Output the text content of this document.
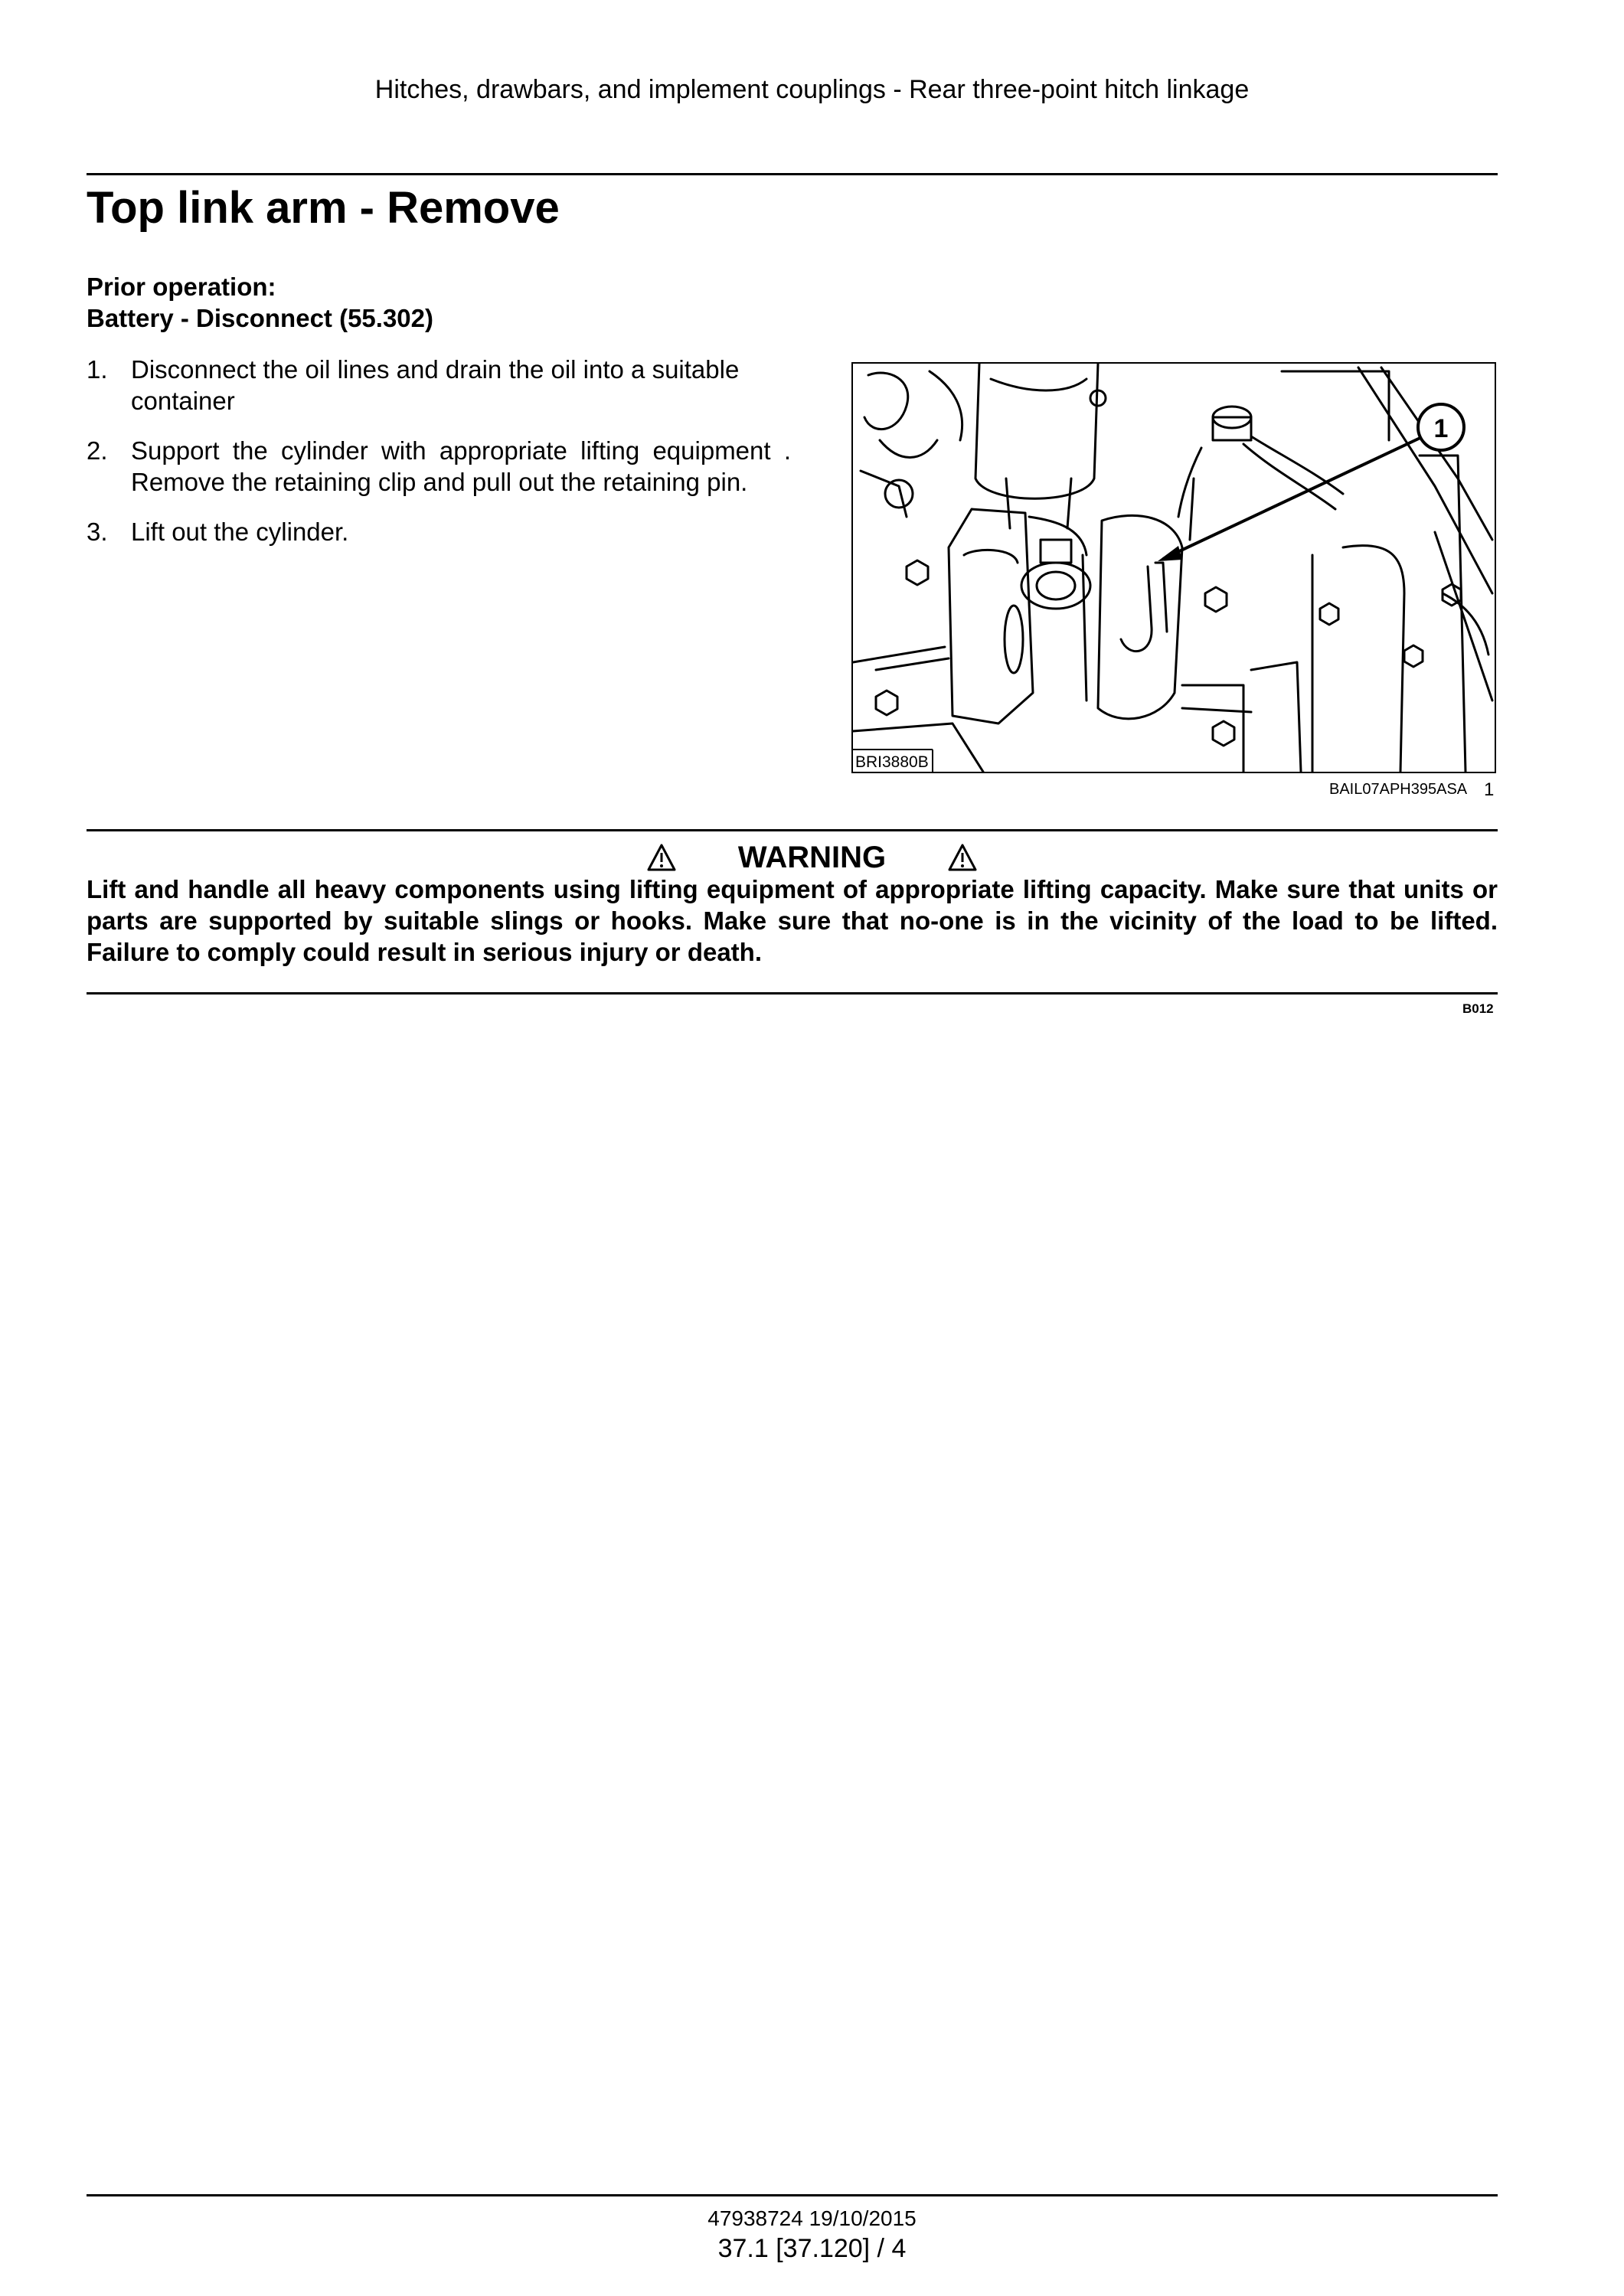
Hitches, drawbars, and implement couplings - Rear three-point hitch linkage
Top link arm - Remove
Prior operation:
Battery - Disconnect (55.302)
1. Disconnect the oil lines and drain the oil into a suitable container
2. Support the cylinder with appropriate lifting equipment . Remove the retaining clip and pull out the retaining pin.
3. Lift out the cylinder.
1
BRI3880B
BAIL07APH395ASA 1
WARNING
Lift and handle all heavy components using lifting equipment of appropriate lifting capacity. Make sure that units or parts are supported by suitable slings or hooks. Make sure that no-one is in the vicinity of the load to be lifted. Failure to comply could result in serious injury or death.
B012
47938724 19/10/2015
37.1 [37.120] / 4
